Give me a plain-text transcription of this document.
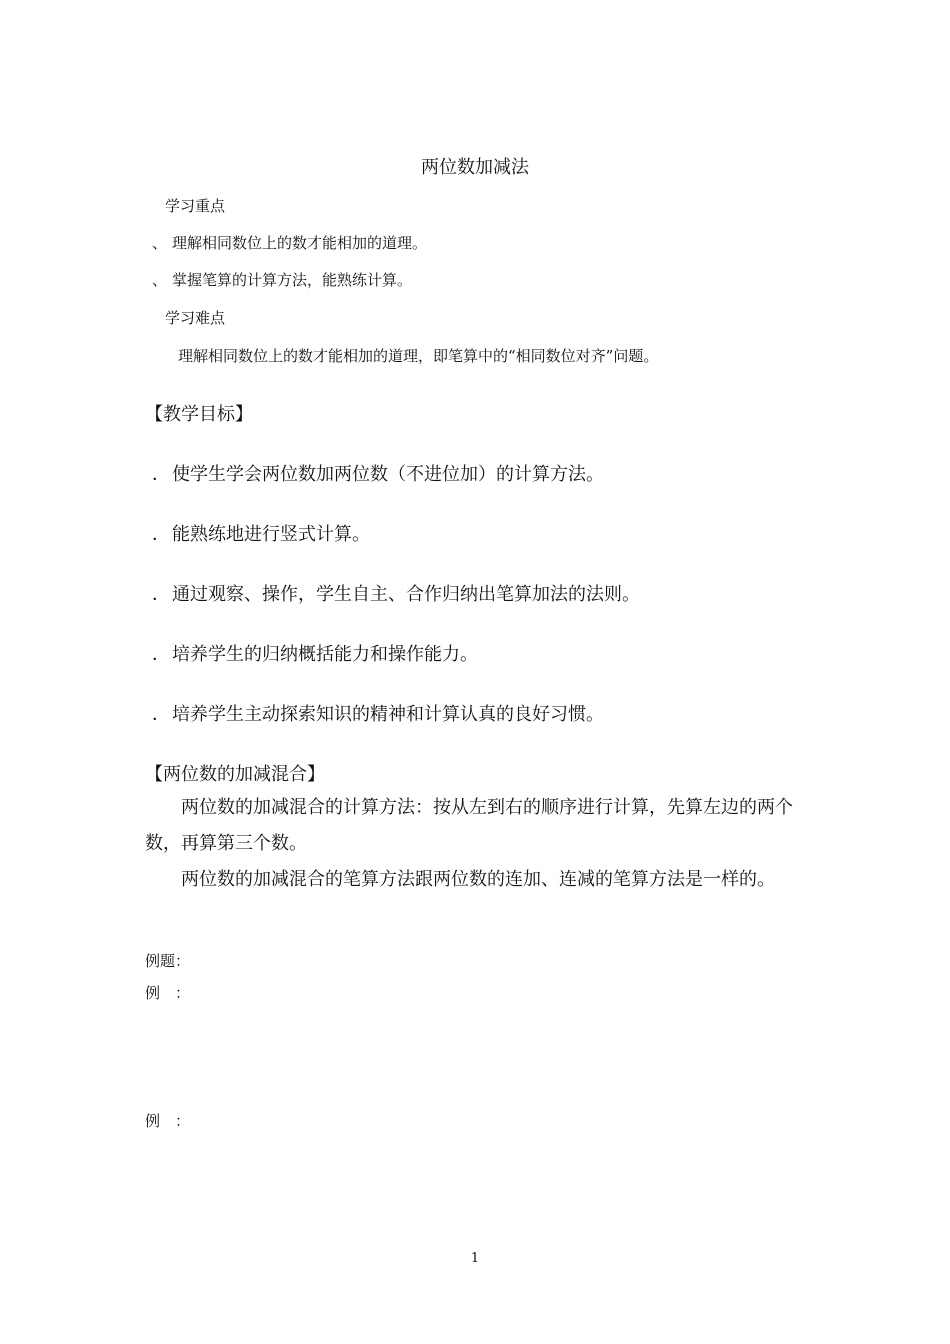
两位数加减法
学习重点
、 理解相同数位上的数才能相加的道理。
、 掌握笔算的计算方法，能熟练计算。
学习难点
理解相同数位上的数才能相加的道理，即笔算中的“相同数位对齐”问题。
【教学目标】
． 使学生学会两位数加两位数（不进位加）的计算方法。
． 能熟练地进行竖式计算。
． 通过观察、操作，学生自主、合作归纳出笔算加法的法则。
． 培养学生的归纳概括能力和操作能力。
． 培养学生主动探索知识的精神和计算认真的良好习惯。
【两位数的加减混合】
两位数的加减混合的计算方法：按从左到右的顺序进行计算，先算左边的两个数，再算第三个数。
两位数的加减混合的笔算方法跟两位数的连加、连减的笔算方法是一样的。
例题：
例　：
例　：
1
